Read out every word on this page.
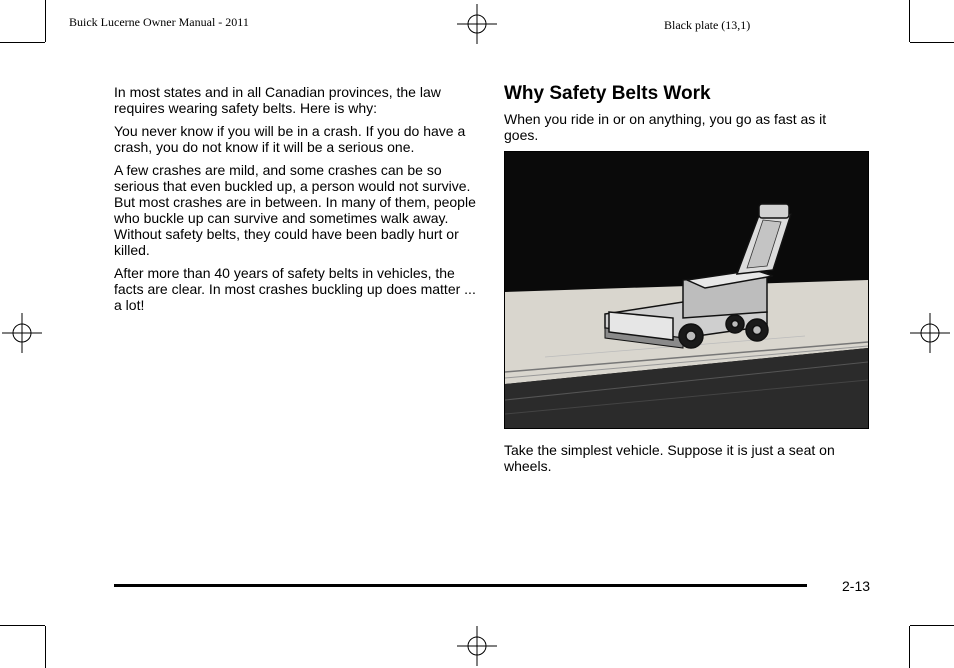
Buick Lucerne Owner Manual - 2011	Black plate (13,1)

In most states and in all Canadian provinces, the law requires wearing safety belts. Here is why:

You never know if you will be in a crash. If you do have a crash, you do not know if it will be a serious one.

A few crashes are mild, and some crashes can be so serious that even buckled up, a person would not survive. But most crashes are in between. In many of them, people who buckle up can survive and sometimes walk away. Without safety belts, they could have been badly hurt or killed.

After more than 40 years of safety belts in vehicles, the facts are clear. In most crashes buckling up does matter ... a lot!

Why Safety Belts Work

When you ride in or on anything, you go as fast as it goes.

Take the simplest vehicle. Suppose it is just a seat on wheels.

2-13
